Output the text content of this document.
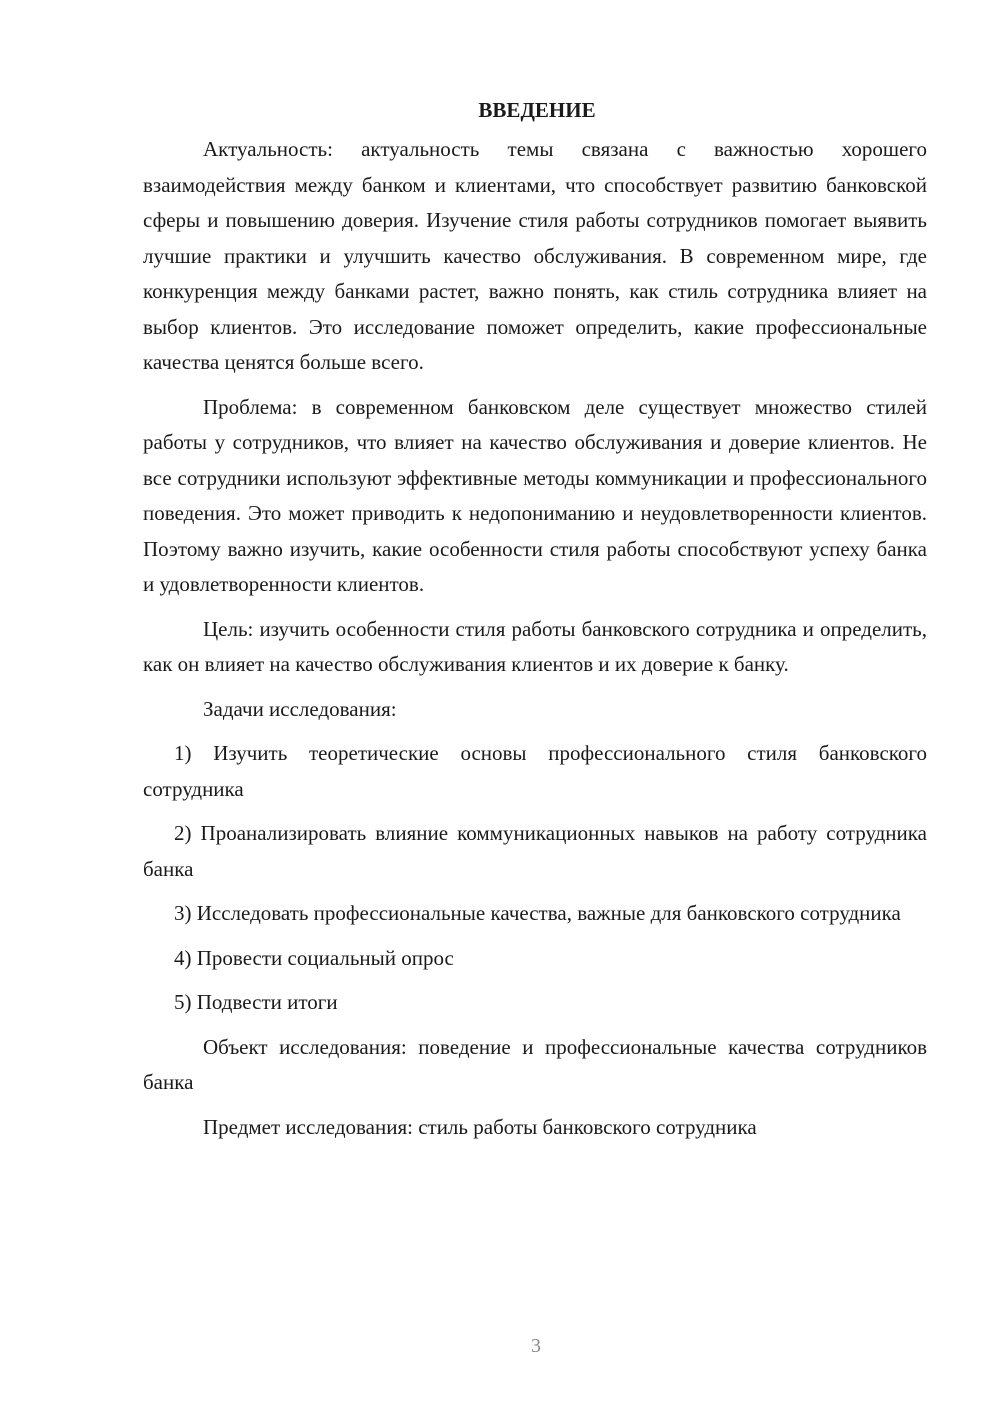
ВВЕДЕНИЕ

Актуальность: актуальность темы связана с важностью хорошего взаимодействия между банком и клиентами, что способствует развитию банковской сферы и повышению доверия. Изучение стиля работы сотрудников помогает выявить лучшие практики и улучшить качество обслуживания. В современном мире, где конкуренция между банками растет, важно понять, как стиль сотрудника влияет на выбор клиентов. Это исследование поможет определить, какие профессиональные качества ценятся больше всего.

Проблема: в современном банковском деле существует множество стилей работы у сотрудников, что влияет на качество обслуживания и доверие клиентов. Не все сотрудники используют эффективные методы коммуникации и профессионального поведения. Это может приводить к недопониманию и неудовлетворенности клиентов. Поэтому важно изучить, какие особенности стиля работы способствуют успеху банка и удовлетворенности клиентов.

Цель: изучить особенности стиля работы банковского сотрудника и определить, как он влияет на качество обслуживания клиентов и их доверие к банку.

Задачи исследования:

1) Изучить теоретические основы профессионального стиля банковского сотрудника

2) Проанализировать влияние коммуникационных навыков на работу сотрудника банка

3) Исследовать профессиональные качества, важные для банковского сотрудника

4) Провести социальный опрос

5) Подвести итоги

Объект исследования: поведение и профессиональные качества сотрудников банка

Предмет исследования: стиль работы банковского сотрудника

3
